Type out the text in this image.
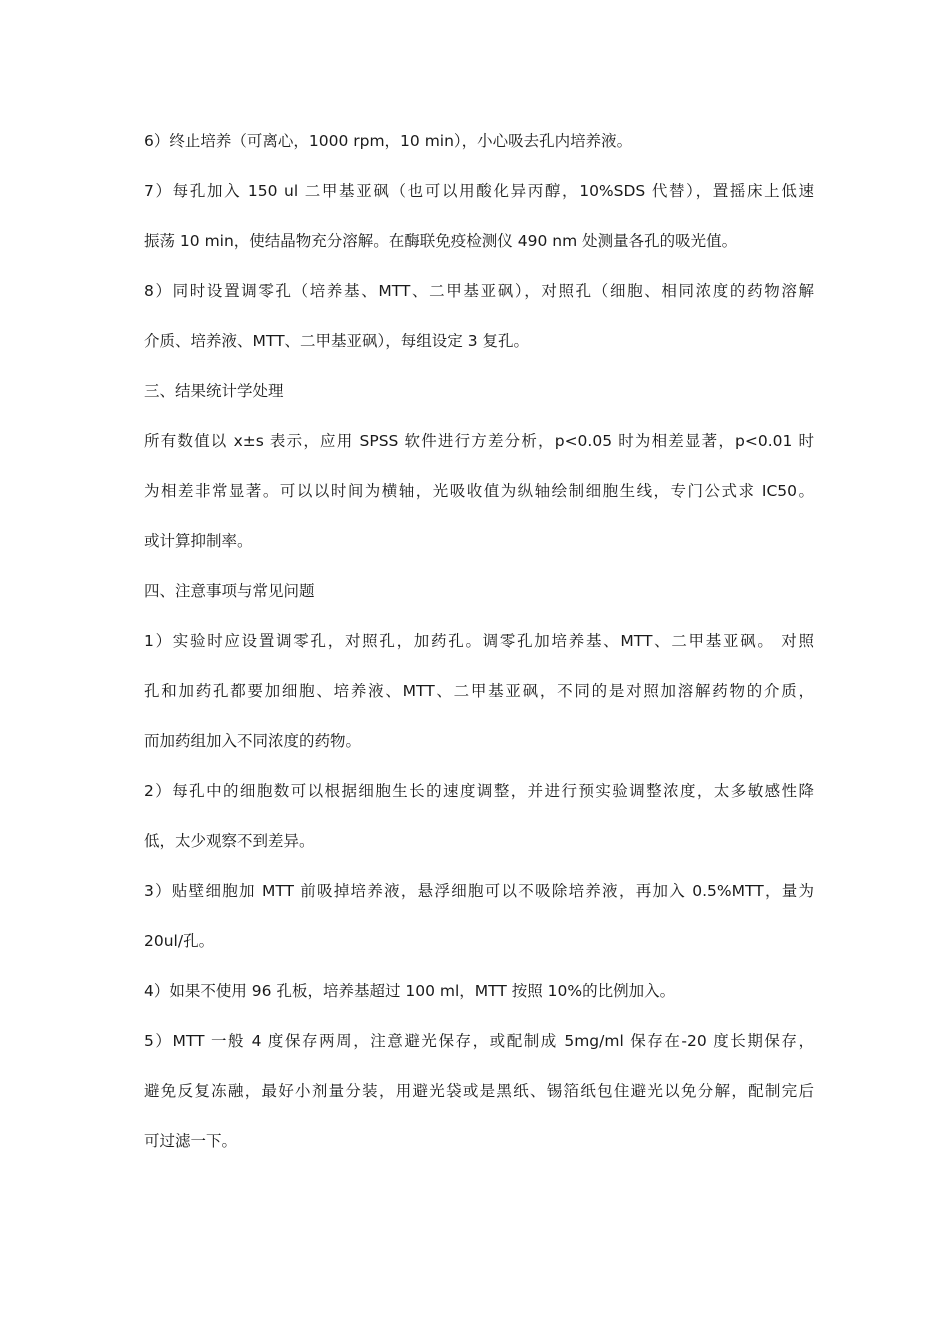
6）终止培养（可离心，1000 rpm，10 min），小心吸去孔内培养液。
7）每孔加入 150 ul 二甲基亚砜（也可以用酸化异丙醇，10%SDS 代替），置摇床上低速
振荡 10 min，使结晶物充分溶解。在酶联免疫检测仪 490 nm 处测量各孔的吸光值。
8）同时设置调零孔（培养基、MTT、二甲基亚砜），对照孔（细胞、相同浓度的药物溶解
介质、培养液、MTT、二甲基亚砜），每组设定 3 复孔。
三、结果统计学处理
所有数值以 x±s 表示，应用 SPSS 软件进行方差分析，p<0.05 时为相差显著，p<0.01 时
为相差非常显著。可以以时间为横轴，光吸收值为纵轴绘制细胞生线，专门公式求 IC50。
或计算抑制率。
四、注意事项与常见问题
1）实验时应设置调零孔，对照孔，加药孔。调零孔加培养基、MTT、二甲基亚砜。 对照
孔和加药孔都要加细胞、培养液、MTT、二甲基亚砜，不同的是对照加溶解药物的介质，
而加药组加入不同浓度的药物。
2）每孔中的细胞数可以根据细胞生长的速度调整，并进行预实验调整浓度，太多敏感性降
低，太少观察不到差异。
3）贴壁细胞加 MTT 前吸掉培养液，悬浮细胞可以不吸除培养液，再加入 0.5%MTT，量为
20ul/孔。
4）如果不使用 96 孔板，培养基超过 100 ml，MTT 按照 10%的比例加入。
5）MTT 一般 4 度保存两周，注意避光保存，或配制成 5mg/ml 保存在-20 度长期保存，
避免反复冻融，最好小剂量分装，用避光袋或是黑纸、锡箔纸包住避光以免分解，配制完后
可过滤一下。
